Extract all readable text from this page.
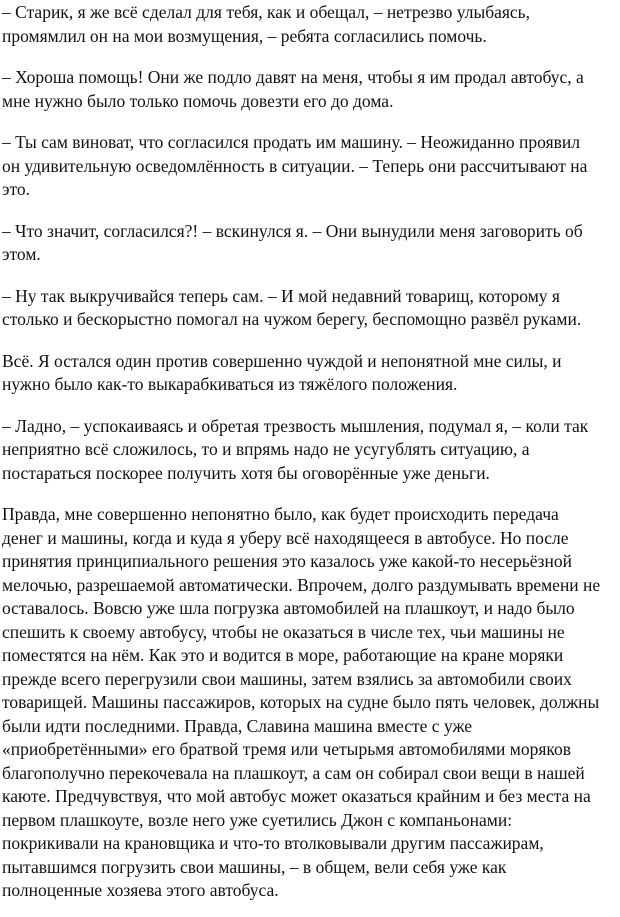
– Старик, я же всё сделал для тебя, как и обещал, – нетрезво улыбаясь,
промямлил он на мои возмущения, – ребята согласились помочь.

– Хороша помощь! Они же подло давят на меня, чтобы я им продал автобус, а
мне нужно было только помочь довезти его до дома.

– Ты сам виноват, что согласился продать им машину. – Неожиданно проявил
он удивительную осведомлённость в ситуации. – Теперь они рассчитывают на
это.

– Что значит, согласился?! – вскинулся я. – Они вынудили меня заговорить об
этом.

– Ну так выкручивайся теперь сам. – И мой недавний товарищ, которому я
столько и бескорыстно помогал на чужом берегу, беспомощно развёл руками.

Всё. Я остался один против совершенно чуждой и непонятной мне силы, и
нужно было как-то выкарабкиваться из тяжёлого положения.

– Ладно, – успокаиваясь и обретая трезвость мышления, подумал я, – коли так
неприятно всё сложилось, то и впрямь надо не усугублять ситуацию, а
постараться поскорее получить хотя бы оговорённые уже деньги.

Правда, мне совершенно непонятно было, как будет происходить передача
денег и машины, когда и куда я уберу всё находящееся в автобусе. Но после
принятия принципиального решения это казалось уже какой-то несерьёзной
мелочью, разрешаемой автоматически. Впрочем, долго раздумывать времени не
оставалось. Вовсю уже шла погрузка автомобилей на плашкоут, и надо было
спешить к своему автобусу, чтобы не оказаться в числе тех, чьи машины не
поместятся на нём. Как это и водится в море, работающие на кране моряки
прежде всего перегрузили свои машины, затем взялись за автомобили своих
товарищей. Машины пассажиров, которых на судне было пять человек, должны
были идти последними. Правда, Славина машина вместе с уже
«приобретёнными» его братвой тремя или четырьмя автомобилями моряков
благополучно перекочевала на плашкоут, а сам он собирал свои вещи в нашей
каюте. Предчувствуя, что мой автобус может оказаться крайним и без места на
первом плашкоуте, возле него уже суетились Джон с компаньонами:
покрикивали на крановщика и что-то втолковывали другим пассажирам,
пытавшимся погрузить свои машины, – в общем, вели себя уже как
полноценные хозяева этого автобуса.
